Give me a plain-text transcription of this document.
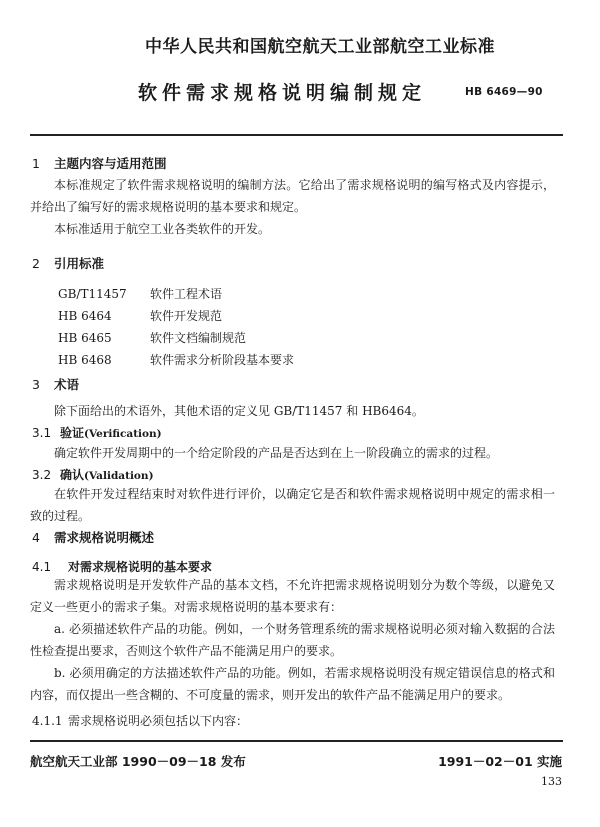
中华人民共和国航空航天工业部航空工业标准
软件需求规格说明编制规定	HB 6469—90
1 主题内容与适用范围
本标准规定了软件需求规格说明的编制方法。它给出了需求规格说明的编写格式及内容提示，并给出了编写好的需求规格说明的基本要求和规定。
本标准适用于航空工业各类软件的开发。
2 引用标准
GB/T11457 软件工程术语
HB 6464	软件开发规范
HB 6465	软件文档编制规范
HB 6468	软件需求分析阶段基本要求
3 术语
除下面给出的术语外，其他术语的定义见 GB/T11457 和 HB6464。
3.1 验证(Verification)
确定软件开发周期中的一个给定阶段的产品是否达到在上一阶段确立的需求的过程。
3.2 确认(Validation)
在软件开发过程结束时对软件进行评价，以确定它是否和软件需求规格说明中规定的需求相一致的过程。
4 需求规格说明概述
4.1 对需求规格说明的基本要求
需求规格说明是开发软件产品的基本文档，不允许把需求规格说明划分为数个等级，以避免又定义一些更小的需求子集。对需求规格说明的基本要求有：
a. 必须描述软件产品的功能。例如，一个财务管理系统的需求规格说明必须对输入数据的合法性检查提出要求，否则这个软件产品不能满足用户的要求。
b. 必须用确定的方法描述软件产品的功能。例如，若需求规格说明没有规定错误信息的格式和内容，而仅提出一些含糊的、不可度量的需求，则开发出的软件产品不能满足用户的要求。
4.1.1 需求规格说明必须包括以下内容：
航空航天工业部 1990－09－18 发布	1991－02－01 实施
133
